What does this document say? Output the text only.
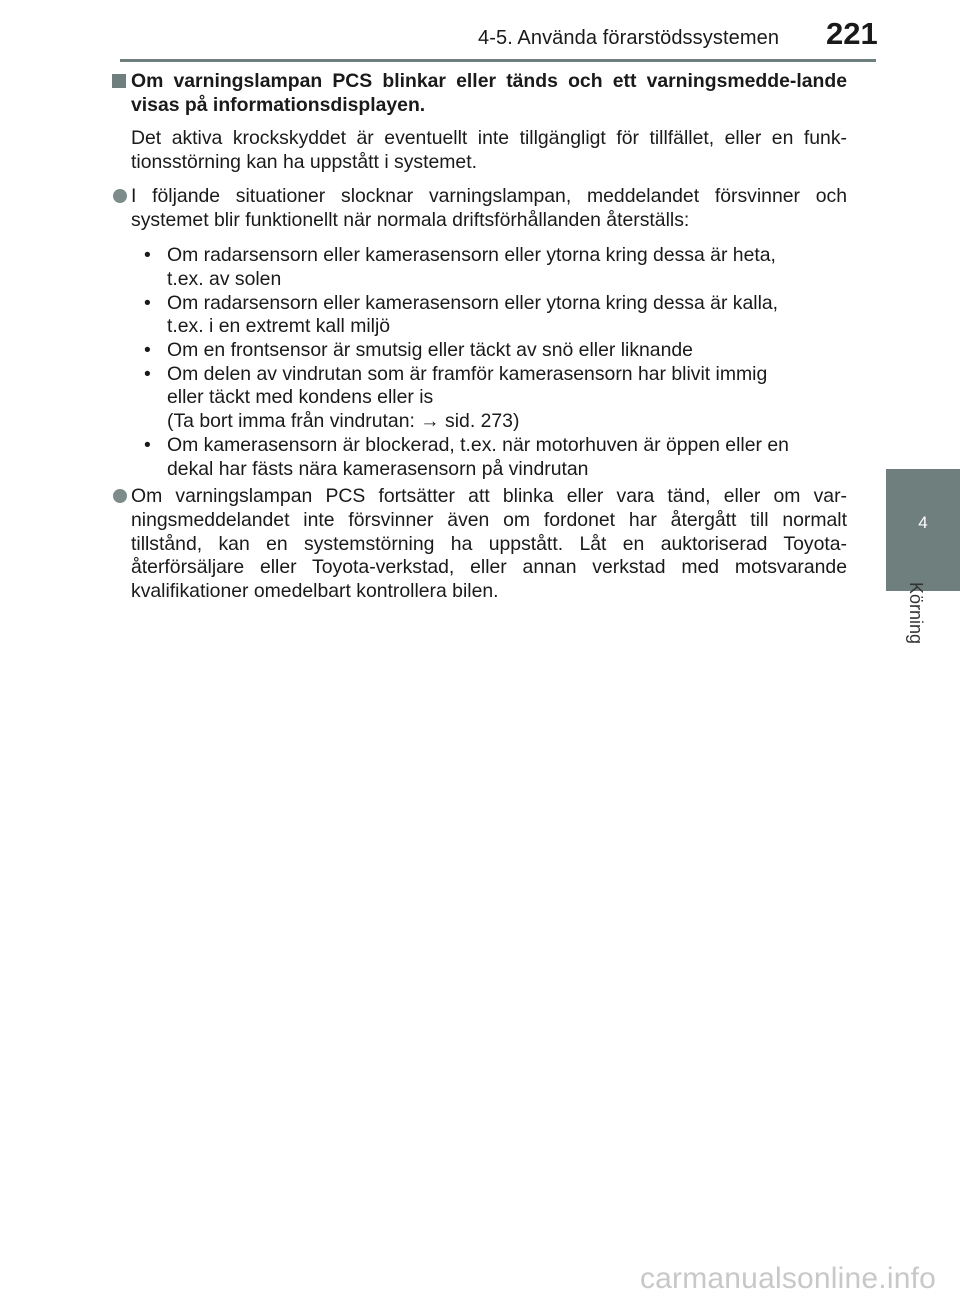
4-5. Använda förarstödssystemen 221
4
Körning

Om varningslampan PCS blinkar eller tänds och ett varningsmedde-lande visas på informationsdisplayen.

Det aktiva krockskyddet är eventuellt inte tillgängligt för tillfället, eller en funk-tionsstörning kan ha uppstått i systemet.

I följande situationer slocknar varningslampan, meddelandet försvinner och systemet blir funktionellt när normala driftsförhållanden återställs:
• Om radarsensorn eller kamerasensorn eller ytorna kring dessa är heta,
t.ex. av solen
• Om radarsensorn eller kamerasensorn eller ytorna kring dessa är kalla,
t.ex. i en extremt kall miljö
• Om en frontsensor är smutsig eller täckt av snö eller liknande
• Om delen av vindrutan som är framför kamerasensorn har blivit immig
eller täckt med kondens eller is
(Ta bort imma från vindrutan: → sid. 273)
• Om kamerasensorn är blockerad, t.ex. när motorhuven är öppen eller en
dekal har fästs nära kamerasensorn på vindrutan
Om varningslampan PCS fortsätter att blinka eller vara tänd, eller om var-ningsmeddelandet inte försvinner även om fordonet har återgått till normalt tillstånd, kan en systemstörning ha uppstått. Låt en auktoriserad Toyota-återförsäljare eller Toyota-verkstad, eller annan verkstad med motsvarande kvalifikationer omedelbart kontrollera bilen.
carmanualsonline.info
